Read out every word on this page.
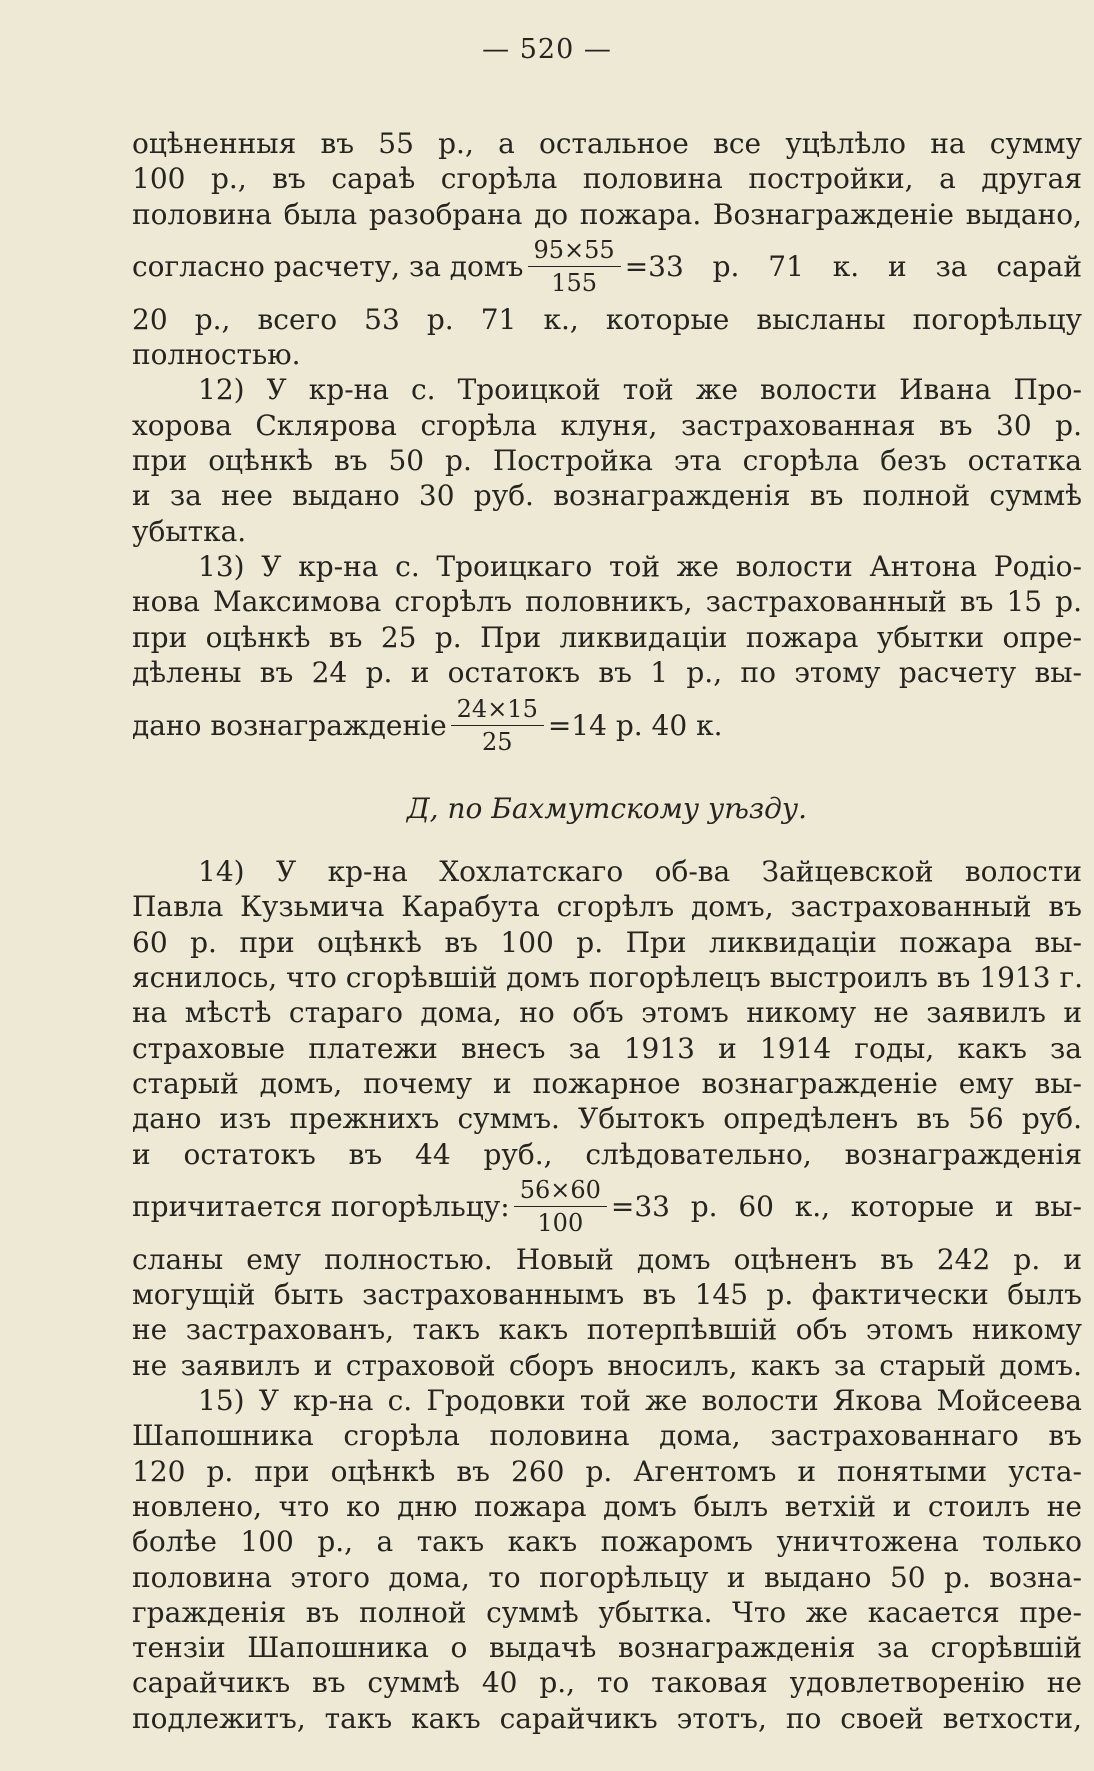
— 520 —
оцѣненныя въ 55 р., а остальное все уцѣлѣло на сумму
100 р., въ сараѣ сгорѣла половина постройки, а другая
половина была разобрана до пожара. Вознагражденіе выдано,
согласно расчету, за домъ $\frac{95\times 55}{155} =33$ р. 71 к. и за сарай
20 р., всего 53 р. 71 к., которые высланы погорѣльцу
полностью.
12) У кр-на с. Троицкой той же волости Ивана Про-
хорова Склярова сгорѣла клуня, застрахованная въ 30 р.
при оцѣнкѣ въ 50 р. Постройка эта сгорѣла безъ остатка
и за нее выдано 30 руб. вознагражденія въ полной суммѣ
убытка.
13) У кр-на с. Троицкаго той же волости Антона Родіо-
нова Максимова сгорѣлъ половникъ, застрахованный въ 15 р.
при оцѣнкѣ въ 25 р. При ликвидаціи пожара убытки опре-
дѣлены въ 24 р. и остатокъ въ 1 р., по этому расчету вы-
дано вознагражденіе $\frac{24\times 15}{25} =14$ р. 40 к.
Д, по Бахмутскому уѣзду.
14) У кр-на Хохлатскаго об-ва Зайцевской волости
Павла Кузьмича Карабута сгорѣлъ домъ, застрахованный въ
60 р. при оцѣнкѣ въ 100 р. При ликвидаціи пожара вы-
яснилось, что сгорѣвшій домъ погорѣлецъ выстроилъ въ 1913 г.
на мѣстѣ стараго дома, но объ этомъ никому не заявилъ и
страховые платежи внесъ за 1913 и 1914 годы, какъ за
старый домъ, почему и пожарное вознагражденіе ему вы-
дано изъ прежнихъ суммъ. Убытокъ опредѣленъ въ 56 руб.
и остатокъ въ 44 руб., слѣдовательно, вознагражденія
причитается погорѣльцу: $\frac{56\times 60}{100} =33$ р. 60 к., которые и вы-
сланы ему полностью. Новый домъ оцѣненъ въ 242 р. и
могущій быть застрахованнымъ въ 145 р. фактически былъ
не застрахованъ, такъ какъ потерпѣвшій объ этомъ никому
не заявилъ и страховой сборъ вносилъ, какъ за старый домъ.
15) У кр-на с. Гродовки той же волости Якова Мойсеева
Шапошника сгорѣла половина дома, застрахованнаго въ
120 р. при оцѣнкѣ въ 260 р. Агентомъ и понятыми уста-
новлено, что ко дню пожара домъ былъ ветхій и стоилъ не
болѣе 100 р., а такъ какъ пожаромъ уничтожена только
половина этого дома, то погорѣльцу и выдано 50 р. возна-
гражденія въ полной суммѣ убытка. Что же касается пре-
тензіи Шапошника о выдачѣ вознагражденія за сгорѣвшій
сарайчикъ въ суммѣ 40 р., то таковая удовлетворенію не
подлежитъ, такъ какъ сарайчикъ этотъ, по своей ветхости,
